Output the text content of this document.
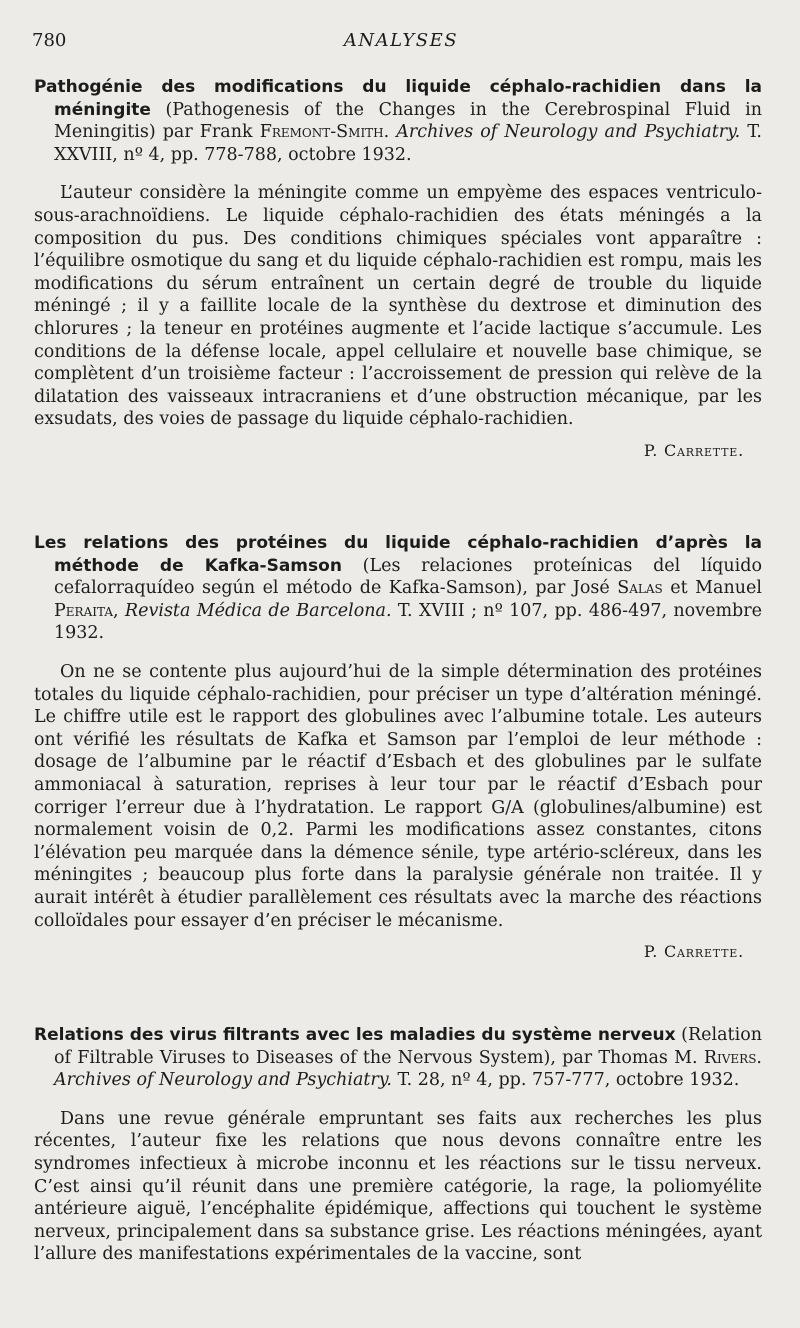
780	ANALYSES
Pathogénie des modifications du liquide céphalo-rachidien dans la méningite (Pathogenesis of the Changes in the Cerebrospinal Fluid in Meningitis) par Frank Fremont-Smith. Archives of Neurology and Psychiatry. T. XXVIII, nº 4, pp. 778-788, octobre 1932.
L’auteur considère la méningite comme un empyème des espaces ventriculo-sous-arachnoïdiens. Le liquide céphalo-rachidien des états méningés a la composition du pus. Des conditions chimiques spéciales vont apparaître : l’équilibre osmotique du sang et du liquide céphalo-rachidien est rompu, mais les modifications du sérum entraînent un certain degré de trouble du liquide méningé ; il y a faillite locale de la synthèse du dextrose et diminution des chlorures ; la teneur en protéines augmente et l’acide lactique s’accumule. Les conditions de la défense locale, appel cellulaire et nouvelle base chimique, se complètent d’un troisième facteur : l’accroissement de pression qui relève de la dilatation des vaisseaux intracraniens et d’une obstruction mécanique, par les exsudats, des voies de passage du liquide céphalo-rachidien.
P. Carrette.
Les relations des protéines du liquide céphalo-rachidien d’après la méthode de Kafka-Samson (Les relaciones proteínicas del líquido cefalorraquídeo según el método de Kafka-Samson), par José Salas et Manuel Peraita, Revista Médica de Barcelona. T. XVIII ; nº 107, pp. 486-497, novembre 1932.
On ne se contente plus aujourd’hui de la simple détermination des protéines totales du liquide céphalo-rachidien, pour préciser un type d’altération méningé. Le chiffre utile est le rapport des globulines avec l’albumine totale. Les auteurs ont vérifié les résultats de Kafka et Samson par l’emploi de leur méthode : dosage de l’albumine par le réactif d’Esbach et des globulines par le sulfate ammoniacal à saturation, reprises à leur tour par le réactif d’Esbach pour corriger l’erreur due à l’hydratation. Le rapport G/A (globulines/albumine) est normalement voisin de 0,2. Parmi les modifications assez constantes, citons l’élévation peu marquée dans la démence sénile, type artério-scléreux, dans les méningites ; beaucoup plus forte dans la paralysie générale non traitée. Il y aurait intérêt à étudier parallèlement ces résultats avec la marche des réactions colloïdales pour essayer d’en préciser le mécanisme.
P. Carrette.
Relations des virus filtrants avec les maladies du système nerveux (Relation of Filtrable Viruses to Diseases of the Nervous System), par Thomas M. Rivers. Archives of Neurology and Psychiatry. T. 28, nº 4, pp. 757-777, octobre 1932.
Dans une revue générale empruntant ses faits aux recherches les plus récentes, l’auteur fixe les relations que nous devons connaître entre les syndromes infectieux à microbe inconnu et les réactions sur le tissu nerveux. C’est ainsi qu’il réunit dans une première catégorie, la rage, la poliomyélite antérieure aiguë, l’encéphalite épidémique, affections qui touchent le système nerveux, principalement dans sa substance grise. Les réactions méningées, ayant l’allure des manifestations expérimentales de la vaccine, sont
